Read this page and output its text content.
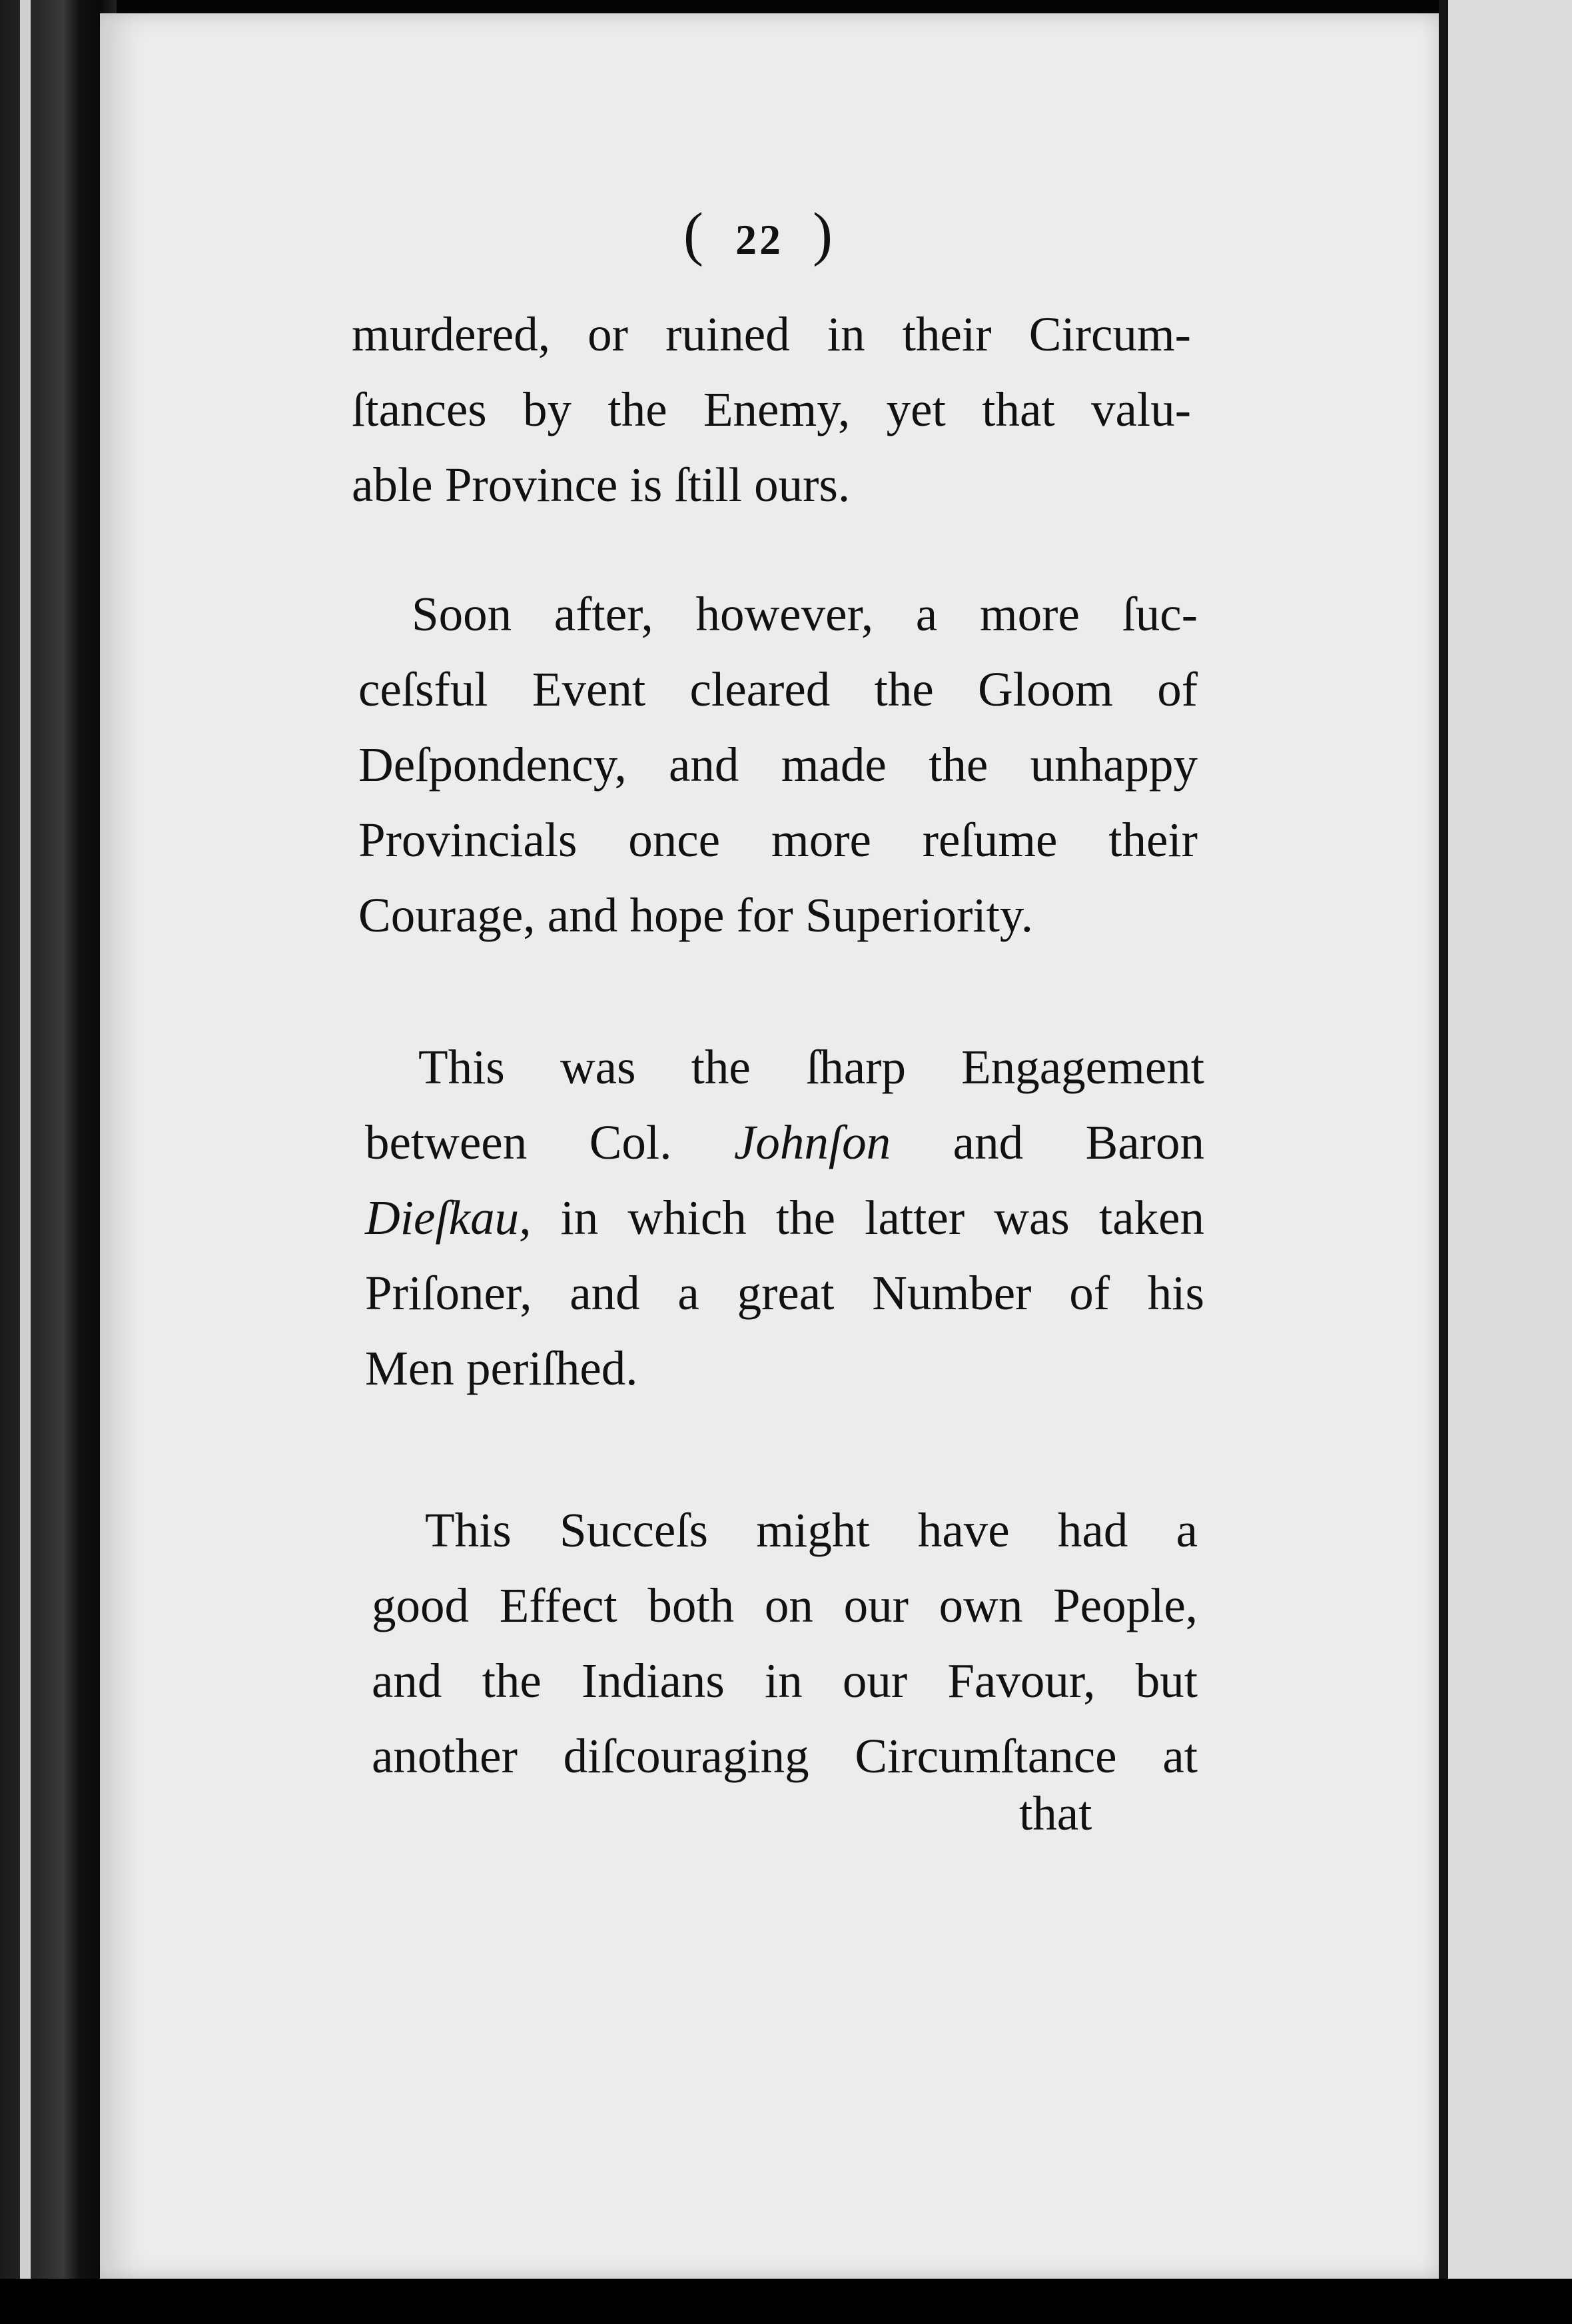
( 22 )
murdered, or ruined in their Circum-
ſtances by the Enemy, yet that valu-
able Province is ſtill ours.
Soon after, however, a more ſuc-
ceſsful Event cleared the Gloom of
Deſpondency, and made the unhappy
Provincials once more reſume their
Courage, and hope for Superiority.
This was the ſharp Engagement
between Col. Johnſon and Baron
Dieſkau, in which the latter was taken
Priſoner, and a great Number of his
Men periſhed.
This Succeſs might have had a
good Effect both on our own People,
and the Indians in our Favour, but
another diſcouraging Circumſtance at
that
